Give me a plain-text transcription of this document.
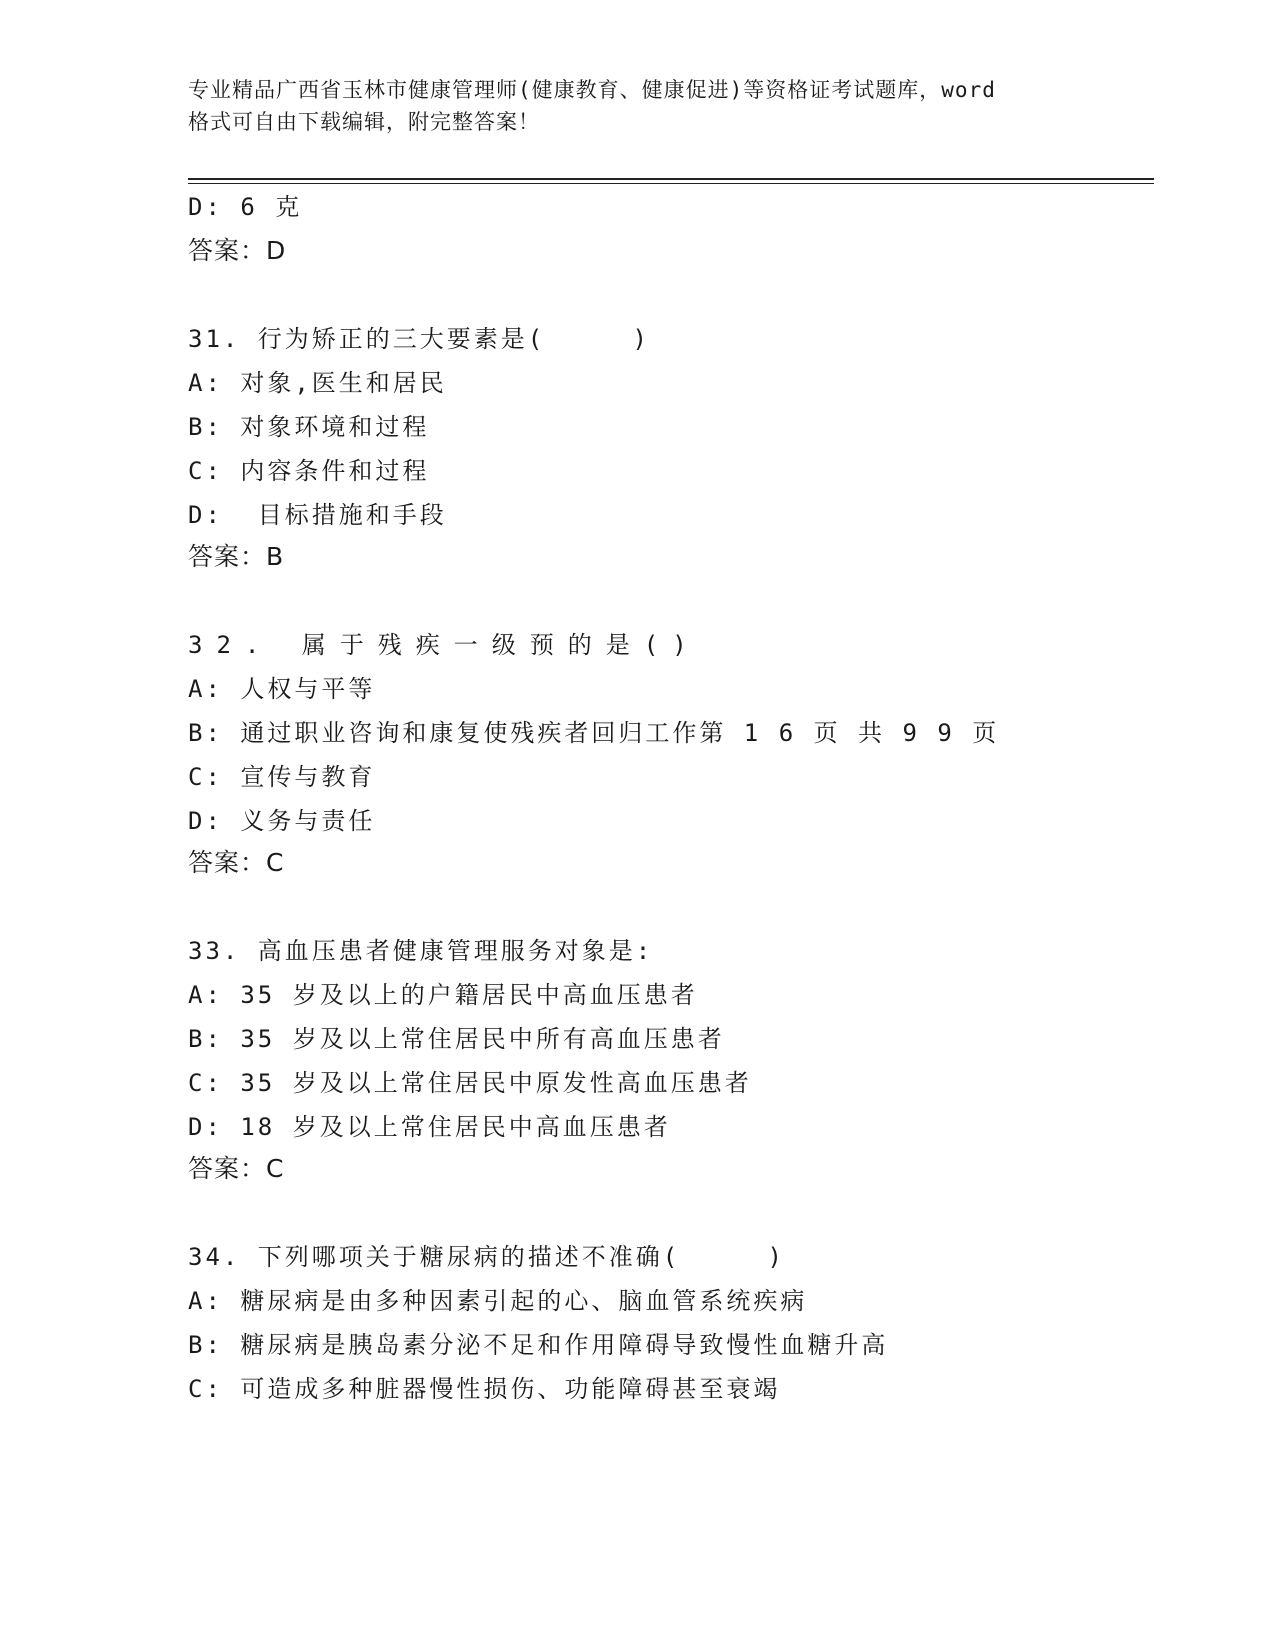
专业精品广西省玉林市健康管理师(健康教育、健康促进)等资格证考试题库，word
格式可自由下载编辑，附完整答案！
D: 6 克
答案：D
31. 行为矫正的三大要素是(     )
A: 对象,医生和居民
B: 对象环境和过程
C: 内容条件和过程
D:  目标措施和手段
答案：B
32. 属于残疾一级预的是()
A: 人权与平等
B: 通过职业咨询和康复使残疾者回归工作第 1 6 页 共 9 9 页
C: 宣传与教育
D: 义务与责任
答案：C
33. 高血压患者健康管理服务对象是:
A: 35 岁及以上的户籍居民中高血压患者
B: 35 岁及以上常住居民中所有高血压患者
C: 35 岁及以上常住居民中原发性高血压患者
D: 18 岁及以上常住居民中高血压患者
答案：C
34. 下列哪项关于糖尿病的描述不准确(     )
A: 糖尿病是由多种因素引起的心、脑血管系统疾病
B: 糖尿病是胰岛素分泌不足和作用障碍导致慢性血糖升高
C: 可造成多种脏器慢性损伤、功能障碍甚至衰竭
